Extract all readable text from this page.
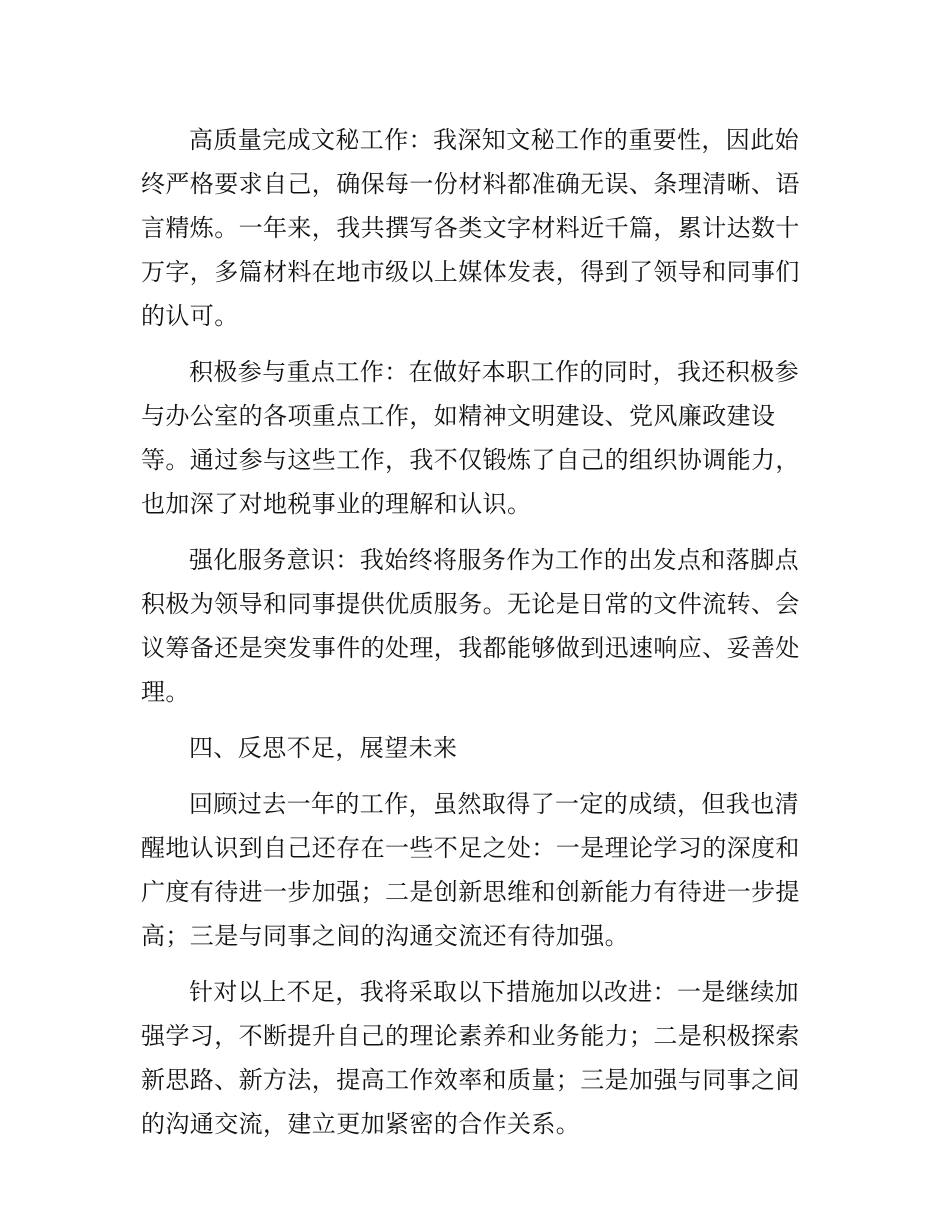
高质量完成文秘工作：我深知文秘工作的重要性，因此始终严格要求自己，确保每一份材料都准确无误、条理清晰、语言精炼。一年来，我共撰写各类文字材料近千篇，累计达数十万字，多篇材料在地市级以上媒体发表，得到了领导和同事们的认可。

积极参与重点工作：在做好本职工作的同时，我还积极参与办公室的各项重点工作，如精神文明建设、党风廉政建设等。通过参与这些工作，我不仅锻炼了自己的组织协调能力，也加深了对地税事业的理解和认识。

强化服务意识：我始终将服务作为工作的出发点和落脚点积极为领导和同事提供优质服务。无论是日常的文件流转、会议筹备还是突发事件的处理，我都能够做到迅速响应、妥善处理。

四、反思不足，展望未来

回顾过去一年的工作，虽然取得了一定的成绩，但我也清醒地认识到自己还存在一些不足之处：一是理论学习的深度和广度有待进一步加强；二是创新思维和创新能力有待进一步提高；三是与同事之间的沟通交流还有待加强。

针对以上不足，我将采取以下措施加以改进：一是继续加强学习，不断提升自己的理论素养和业务能力；二是积极探索新思路、新方法，提高工作效率和质量；三是加强与同事之间的沟通交流，建立更加紧密的合作关系。
